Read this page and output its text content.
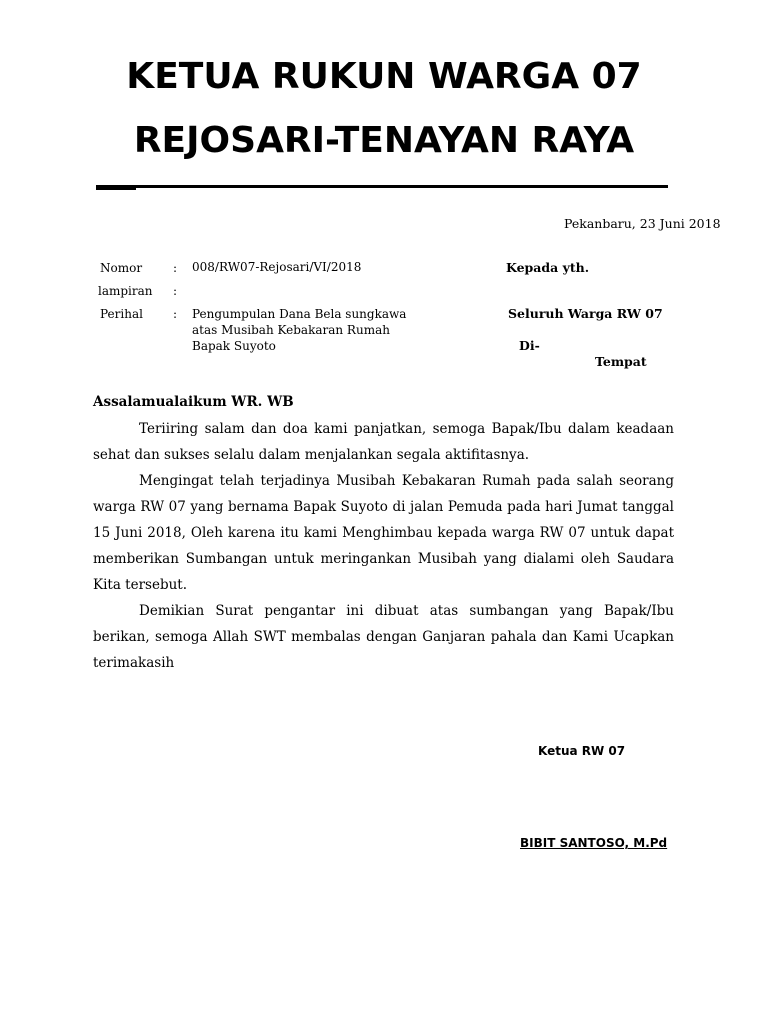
KETUA RUKUN WARGA 07
REJOSARI-TENAYAN RAYA
Pekanbaru, 23 Juni 2018
Nomor	: 008/RW07-Rejosari/VI/2018
lampiran :
Perihal	: Pengumpulan Dana Bela sungkawa
atas Musibah Kebakaran Rumah
Bapak Suyoto
Kepada yth.
Seluruh Warga RW 07
Di-
Tempat
Assalamualaikum WR. WB

Teriiring salam dan doa kami panjatkan, semoga Bapak/Ibu dalam keadaan sehat dan sukses selalu dalam menjalankan segala aktifitasnya.

Mengingat telah terjadinya Musibah Kebakaran Rumah pada salah seorang warga RW 07 yang bernama Bapak Suyoto di jalan Pemuda pada hari Jumat tanggal 15 Juni 2018, Oleh karena itu kami Menghimbau kepada warga RW 07 untuk dapat memberikan Sumbangan untuk meringankan Musibah yang dialami oleh Saudara Kita tersebut.

Demikian Surat pengantar ini dibuat atas sumbangan yang Bapak/Ibu berikan, semoga Allah SWT membalas dengan Ganjaran pahala dan Kami Ucapkan terimakasih

Ketua RW 07
BIBIT SANTOSO, M.Pd
